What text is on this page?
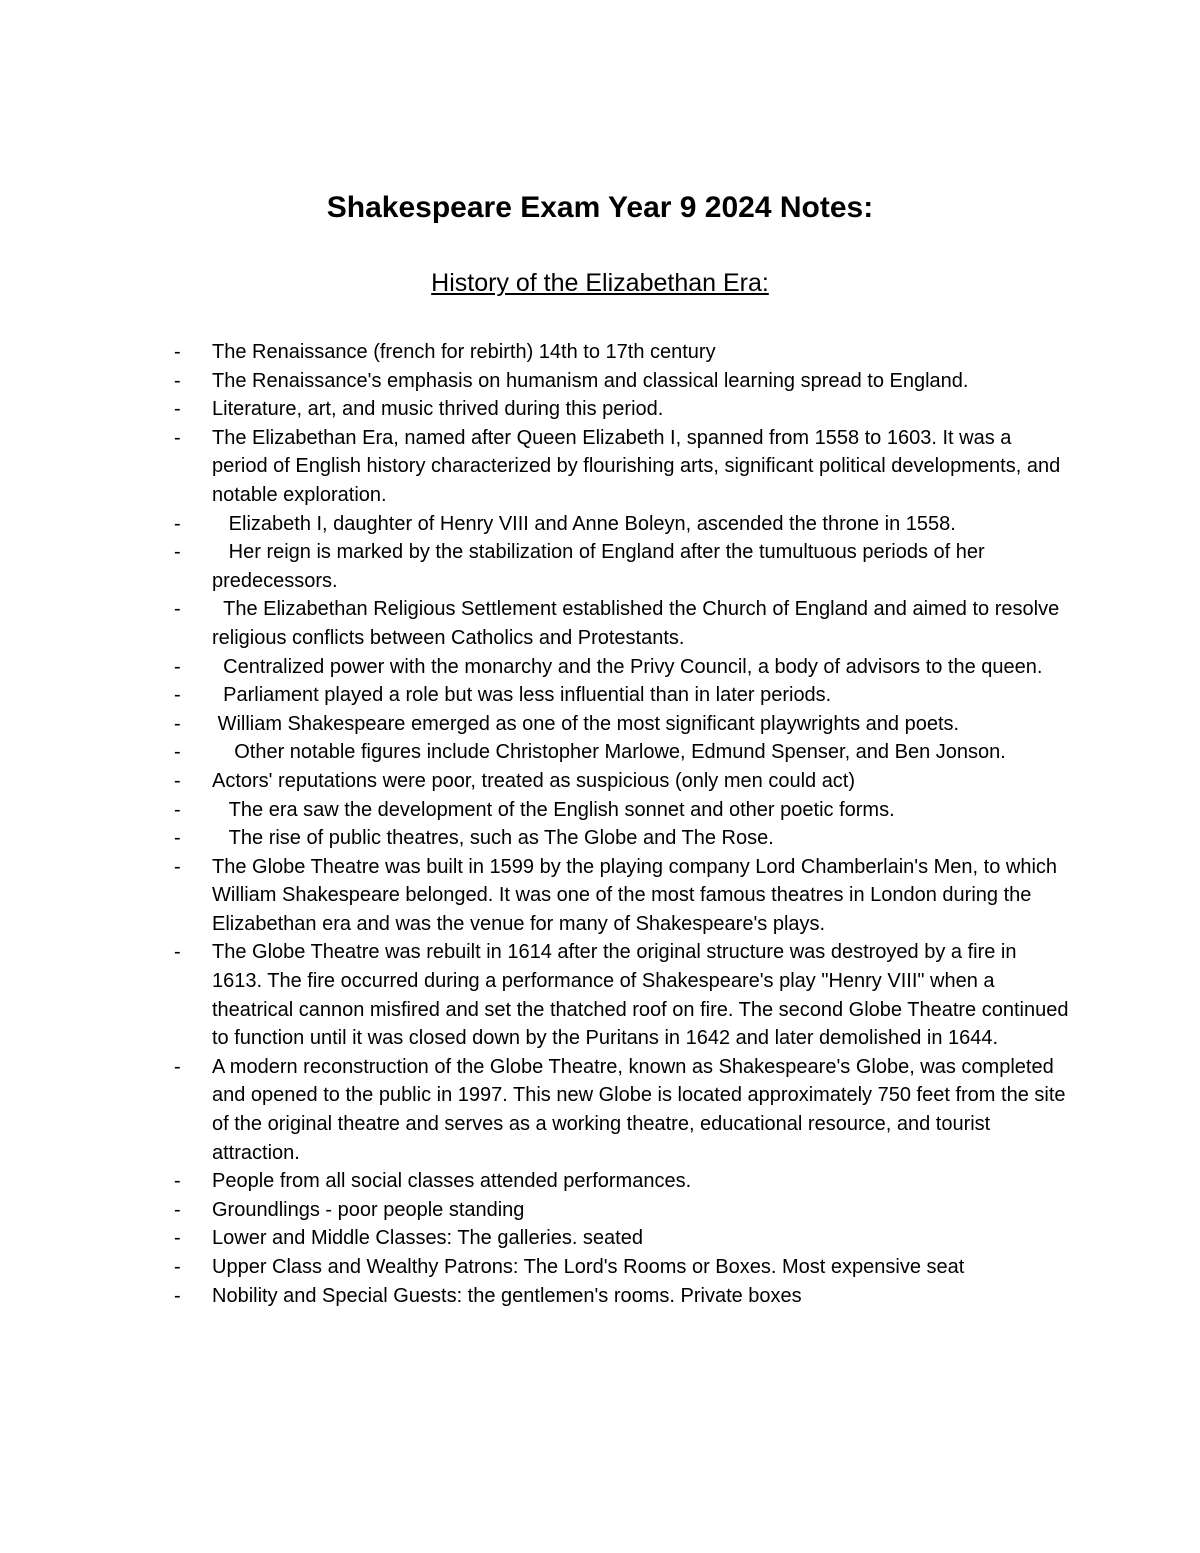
Shakespeare Exam Year 9 2024 Notes:
History of the Elizabethan Era:
- The Renaissance (french for rebirth) 14th to 17th century
- The Renaissance's emphasis on humanism and classical learning spread to England.
- Literature, art, and music thrived during this period.
- The Elizabethan Era, named after Queen Elizabeth I, spanned from 1558 to 1603. It was a period of English history characterized by flourishing arts, significant political developments, and notable exploration.
- Elizabeth I, daughter of Henry VIII and Anne Boleyn, ascended the throne in 1558.
- Her reign is marked by the stabilization of England after the tumultuous periods of her predecessors.
- The Elizabethan Religious Settlement established the Church of England and aimed to resolve religious conflicts between Catholics and Protestants.
- Centralized power with the monarchy and the Privy Council, a body of advisors to the queen.
- Parliament played a role but was less influential than in later periods.
- William Shakespeare emerged as one of the most significant playwrights and poets.
- Other notable figures include Christopher Marlowe, Edmund Spenser, and Ben Jonson.
- Actors' reputations were poor, treated as suspicious (only men could act)
- The era saw the development of the English sonnet and other poetic forms.
- The rise of public theatres, such as The Globe and The Rose.
- The Globe Theatre was built in 1599 by the playing company Lord Chamberlain's Men, to which William Shakespeare belonged. It was one of the most famous theatres in London during the Elizabethan era and was the venue for many of Shakespeare's plays.
- The Globe Theatre was rebuilt in 1614 after the original structure was destroyed by a fire in 1613. The fire occurred during a performance of Shakespeare's play "Henry VIII" when a theatrical cannon misfired and set the thatched roof on fire. The second Globe Theatre continued to function until it was closed down by the Puritans in 1642 and later demolished in 1644.
- A modern reconstruction of the Globe Theatre, known as Shakespeare's Globe, was completed and opened to the public in 1997. This new Globe is located approximately 750 feet from the site of the original theatre and serves as a working theatre, educational resource, and tourist attraction.
- People from all social classes attended performances.
- Groundlings - poor people standing
- Lower and Middle Classes: The galleries. seated
- Upper Class and Wealthy Patrons: The Lord's Rooms or Boxes. Most expensive seat
- Nobility and Special Guests: the gentlemen's rooms. Private boxes
